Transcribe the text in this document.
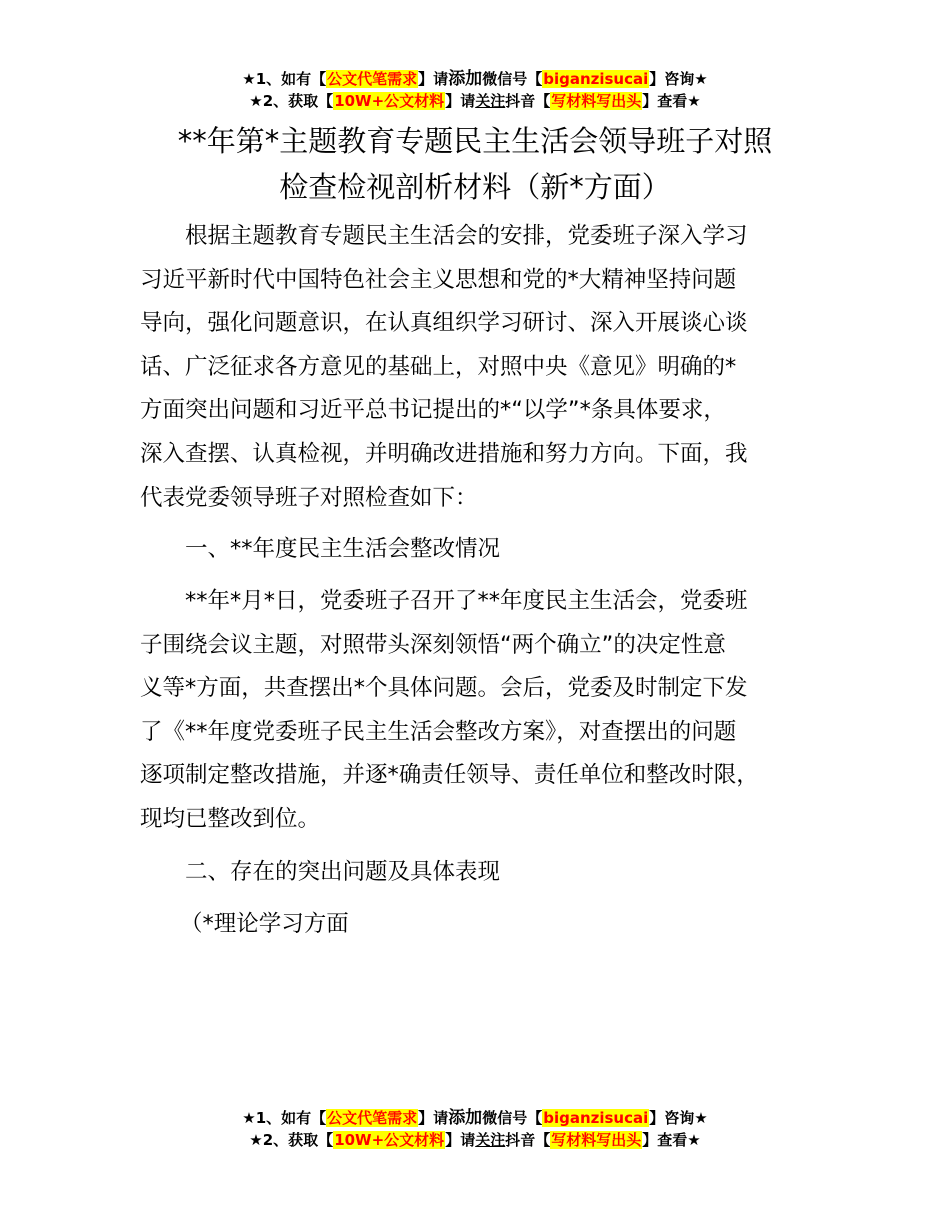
★1、如有【公文代笔需求】请添加微信号【biganzisucai】咨询★
★2、获取【10W+公文材料】请关注抖音【写材料写出头】查看★
**年第*主题教育专题民主生活会领导班子对照
检查检视剖析材料（新*方面）
　　根据主题教育专题民主生活会的安排，党委班子深入学习
习近平新时代中国特色社会主义思想和党的*大精神坚持问题
导向，强化问题意识，在认真组织学习研讨、深入开展谈心谈
话、广泛征求各方意见的基础上，对照中央《意见》明确的*
方面突出问题和习近平总书记提出的*“以学”*条具体要求，
深入查摆、认真检视，并明确改进措施和努力方向。下面，我
代表党委领导班子对照检查如下：
　　一、**年度民主生活会整改情况
　　**年*月*日，党委班子召开了**年度民主生活会，党委班
子围绕会议主题，对照带头深刻领悟“两个确立”的决定性意
义等*方面，共查摆出*个具体问题。会后，党委及时制定下发
了《**年度党委班子民主生活会整改方案》，对查摆出的问题
逐项制定整改措施，并逐*确责任领导、责任单位和整改时限，
现均已整改到位。
　　二、存在的突出问题及具体表现
（*理论学习方面
★1、如有【公文代笔需求】请添加微信号【biganzisucai】咨询★
★2、获取【10W+公文材料】请关注抖音【写材料写出头】查看★
